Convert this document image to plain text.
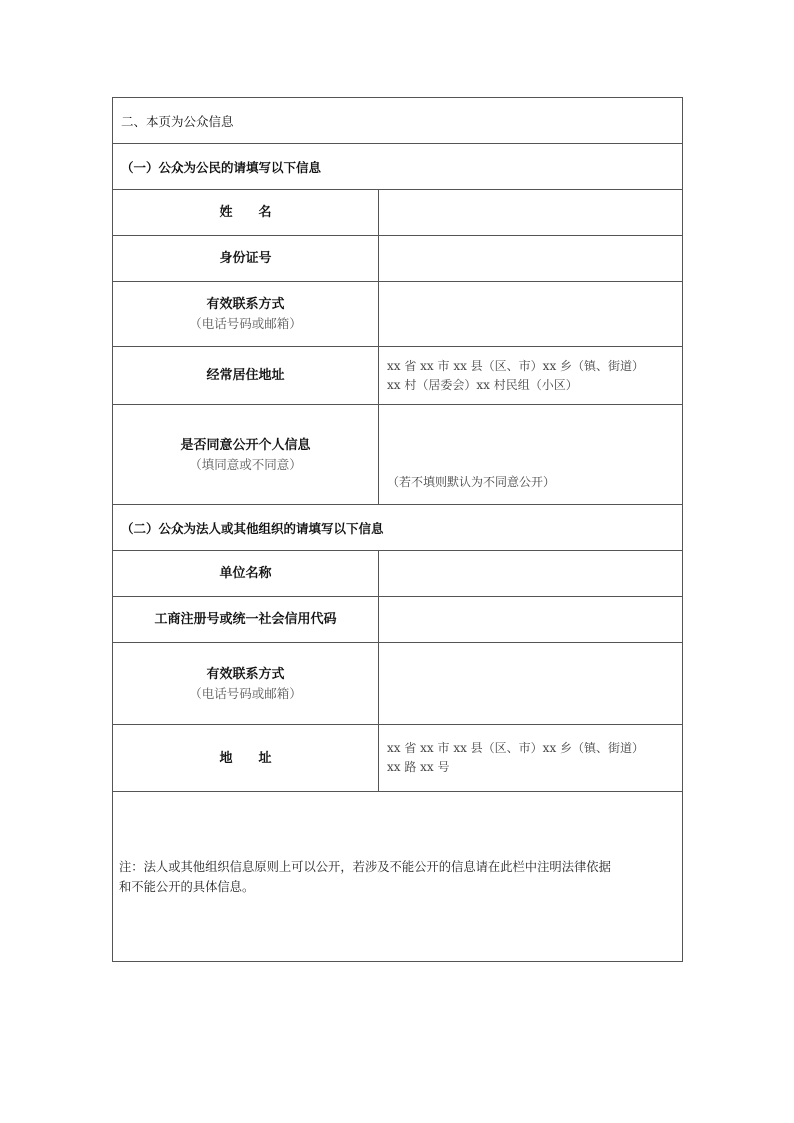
二、本页为公众信息	
（一）公众为公民的请填写以下信息	
姓　　名	
身份证号	
有效联系方式
（电话号码或邮箱）	

经常居住地址	xx 省 xx 市 xx 县（区、市）xx 乡（镇、街道）
xx 村（居委会）xx 村民组（小区）

是否同意公开个人信息
（填同意或不同意）	（若不填则默认为不同意公开）
（二）公众为法人或其他组织的请填写以下信息	
单位名称	
工商注册号或统一社会信用代码	
有效联系方式
（电话号码或邮箱）	

地　　址	xx 省 xx 市 xx 县（区、市）xx 乡（镇、街道）
xx 路 xx 号

注：法人或其他组织信息原则上可以公开，若涉及不能公开的信息请在此栏中注明法律依据
和不能公开的具体信息。	
